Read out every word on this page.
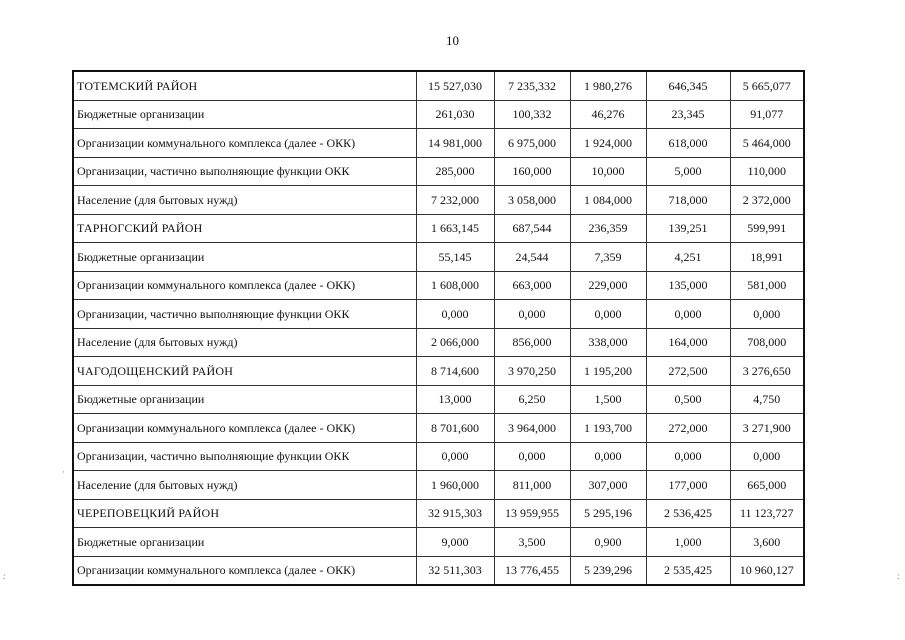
10
ТОТЕМСКИЙ РАЙОН	15 527,030	7 235,332	1 980,276	646,345	5 665,077
Бюджетные организации	261,030	100,332	46,276	23,345	91,077
Организации коммунального комплекса (далее - ОКК)	14 981,000	6 975,000	1 924,000	618,000	5 464,000
Организации, частично выполняющие функции ОКК	285,000	160,000	10,000	5,000	110,000
Население (для бытовых нужд)	7 232,000	3 058,000	1 084,000	718,000	2 372,000
ТАРНОГСКИЙ РАЙОН	1 663,145	687,544	236,359	139,251	599,991
Бюджетные организации	55,145	24,544	7,359	4,251	18,991
Организации коммунального комплекса (далее - ОКК)	1 608,000	663,000	229,000	135,000	581,000
Организации, частично выполняющие функции ОКК	0,000	0,000	0,000	0,000	0,000
Население (для бытовых нужд)	2 066,000	856,000	338,000	164,000	708,000
ЧАГОДОЩЕНСКИЙ РАЙОН	8 714,600	3 970,250	1 195,200	272,500	3 276,650
Бюджетные организации	13,000	6,250	1,500	0,500	4,750
Организации коммунального комплекса (далее - ОКК)	8 701,600	3 964,000	1 193,700	272,000	3 271,900
Организации, частично выполняющие функции ОКК	0,000	0,000	0,000	0,000	0,000
Население (для бытовых нужд)	1 960,000	811,000	307,000	177,000	665,000
ЧЕРЕПОВЕЦКИЙ РАЙОН	32 915,303	13 959,955	5 295,196	2 536,425	11 123,727
Бюджетные организации	9,000	3,500	0,900	1,000	3,600
Организации коммунального комплекса (далее - ОКК)	32 511,303	13 776,455	5 239,296	2 535,425	10 960,127
:	:
·
